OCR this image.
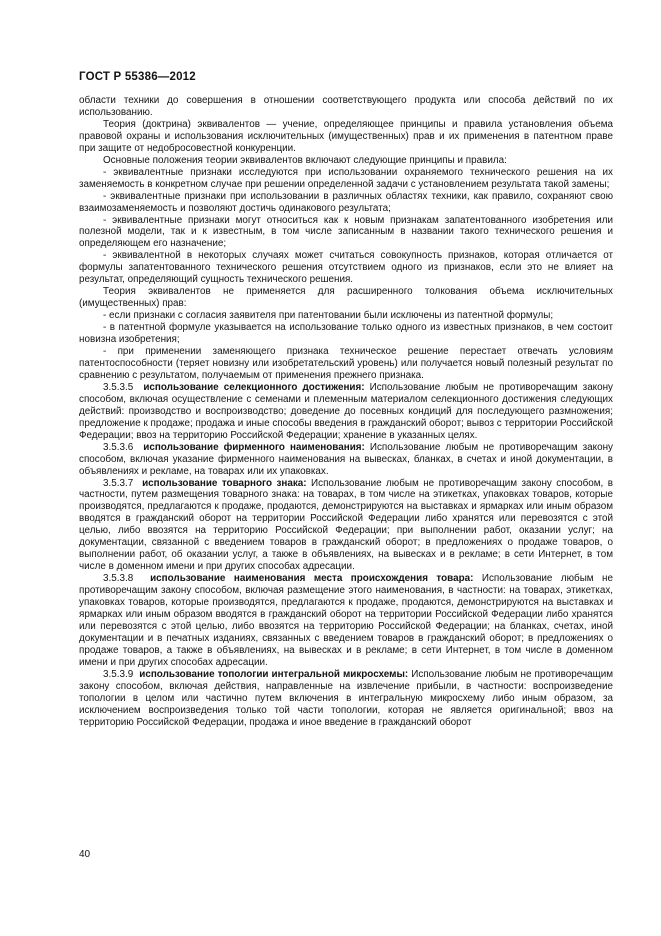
ГОСТ Р 55386—2012

области техники до совершения в отношении соответствующего продукта или способа действий по их использованию.

Теория (доктрина) эквивалентов — учение, определяющее принципы и правила установления объема правовой охраны и использования исключительных (имущественных) прав и их применения в патентном праве при защите от недобросовестной конкуренции.

Основные положения теории эквивалентов включают следующие принципы и правила:

- эквивалентные признаки исследуются при использовании охраняемого технического решения на их заменяемость в конкретном случае при решении определенной задачи с установлением результата такой замены;

- эквивалентные признаки при использовании в различных областях техники, как правило, сохраняют свою взаимозаменяемость и позволяют достичь одинакового результата;

- эквивалентные признаки могут относиться как к новым признакам запатентованного изобретения или полезной модели, так и к известным, в том числе записанным в названии такого технического решения и определяющем его назначение;

- эквивалентной в некоторых случаях может считаться совокупность признаков, которая отличается от формулы запатентованного технического решения отсутствием одного из признаков, если это не влияет на результат, определяющий сущность технического решения.

Теория эквивалентов не применяется для расширенного толкования объема исключительных (имущественных) прав:

- если признаки с согласия заявителя при патентовании были исключены из патентной формулы;

- в патентной формуле указывается на использование только одного из известных признаков, в чем состоит новизна изобретения;

- при применении заменяющего признака техническое решение перестает отвечать условиям патентоспособности (теряет новизну или изобретательский уровень) или получается новый полезный результат по сравнению с результатом, получаемым от применения прежнего признака.

3.5.3.5 использование селекционного достижения: Использование любым не противоречащим закону способом, включая осуществление с семенами и племенным материалом селекционного достижения следующих действий: производство и воспроизводство; доведение до посевных кондиций для последующего размножения; предложение к продаже; продажа и иные способы введения в гражданский оборот; вывоз с территории Российской Федерации; ввоз на территорию Российской Федерации; хранение в указанных целях.

3.5.3.6 использование фирменного наименования: Использование любым не противоречащим закону способом, включая указание фирменного наименования на вывесках, бланках, в счетах и иной документации, в объявлениях и рекламе, на товарах или их упаковках.

3.5.3.7 использование товарного знака: Использование любым не противоречащим закону способом, в частности, путем размещения товарного знака: на товарах, в том числе на этикетках, упаковках товаров, которые производятся, предлагаются к продаже, продаются, демонстрируются на выставках и ярмарках или иным образом вводятся в гражданский оборот на территории Российской Федерации либо хранятся или перевозятся с этой целью, либо ввозятся на территорию Российской Федерации; при выполнении работ, оказании услуг; на документации, связанной с введением товаров в гражданский оборот; в предложениях о продаже товаров, о выполнении работ, об оказании услуг, а также в объявлениях, на вывесках и в рекламе; в сети Интернет, в том числе в доменном имени и при других способах адресации.

3.5.3.8 использование наименования места происхождения товара: Использование любым не противоречащим закону способом, включая размещение этого наименования, в частности: на товарах, этикетках, упаковках товаров, которые производятся, предлагаются к продаже, продаются, демонстрируются на выставках и ярмарках или иным образом вводятся в гражданский оборот на территории Российской Федерации либо хранятся или перевозятся с этой целью, либо ввозятся на территорию Российской Федерации; на бланках, счетах, иной документации и в печатных изданиях, связанных с введением товаров в гражданский оборот; в предложениях о продаже товаров, а также в объявлениях, на вывесках и в рекламе; в сети Интернет, в том числе в доменном имени и при других способах адресации.

3.5.3.9 использование топологии интегральной микросхемы: Использование любым не противоречащим закону способом, включая действия, направленные на извлечение прибыли, в частности: воспроизведение топологии в целом или частично путем включения в интегральную микросхему либо иным образом, за исключением воспроизведения только той части топологии, которая не является оригинальной; ввоз на территорию Российской Федерации, продажа и иное введение в гражданский оборот

40
